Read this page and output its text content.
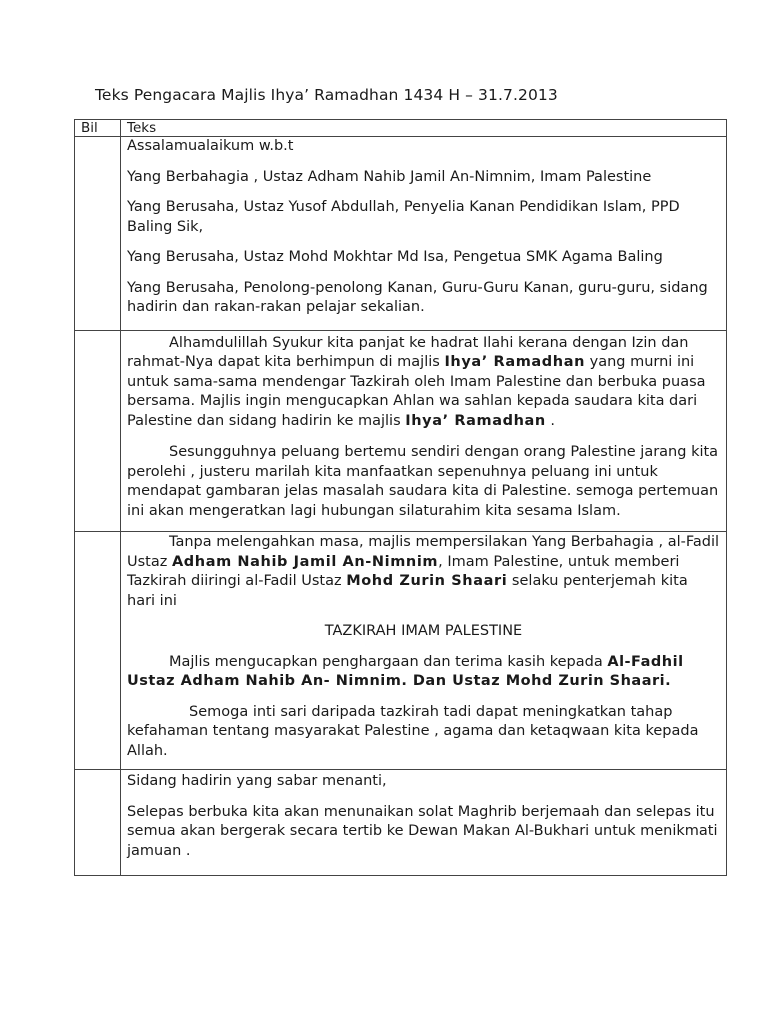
Teks Pengacara Majlis Ihya’ Ramadhan 1434 H – 31.7.2013
Bil	Teks

	Assalamualaikum w.b.t

Yang Berbahagia , Ustaz Adham Nahib Jamil An-Nimnim, Imam Palestine

Yang Berusaha, Ustaz Yusof Abdullah, Penyelia Kanan Pendidikan Islam, PPD Baling Sik,

Yang Berusaha, Ustaz Mohd Mokhtar Md Isa, Pengetua SMK Agama Baling

Yang Berusaha, Penolong-penolong Kanan, Guru-Guru Kanan, guru-guru, sidang hadirin dan rakan-rakan pelajar sekalian.

	Alhamdulillah Syukur kita panjat ke hadrat Ilahi kerana dengan Izin dan rahmat-Nya dapat kita berhimpun di majlis Ihya’ Ramadhan yang murni ini untuk sama-sama mendengar Tazkirah oleh Imam Palestine dan berbuka puasa bersama. Majlis ingin mengucapkan Ahlan wa sahlan kepada saudara kita dari Palestine dan sidang hadirin ke majlis Ihya’ Ramadhan .

Sesungguhnya peluang bertemu sendiri dengan orang Palestine jarang kita perolehi , justeru marilah kita manfaatkan sepenuhnya peluang ini untuk mendapat gambaran jelas masalah saudara kita di Palestine. semoga pertemuan ini akan mengeratkan lagi hubungan silaturahim kita sesama Islam.

	Tanpa melengahkan masa, majlis mempersilakan Yang Berbahagia , al-Fadil Ustaz Adham Nahib Jamil An-Nimnim, Imam Palestine, untuk memberi Tazkirah diiringi al-Fadil Ustaz Mohd Zurin Shaari selaku penterjemah kita hari ini

TAZKIRAH IMAM PALESTINE

Majlis mengucapkan penghargaan dan terima kasih kepada Al-Fadhil Ustaz Adham Nahib An- Nimnim. Dan Ustaz Mohd Zurin Shaari.

Semoga inti sari daripada tazkirah tadi dapat meningkatkan tahap kefahaman tentang masyarakat Palestine , agama dan ketaqwaan kita kepada Allah.

	Sidang hadirin yang sabar menanti,

Selepas berbuka kita akan menunaikan solat Maghrib berjemaah dan selepas itu semua akan bergerak secara tertib ke Dewan Makan Al-Bukhari untuk menikmati jamuan .
